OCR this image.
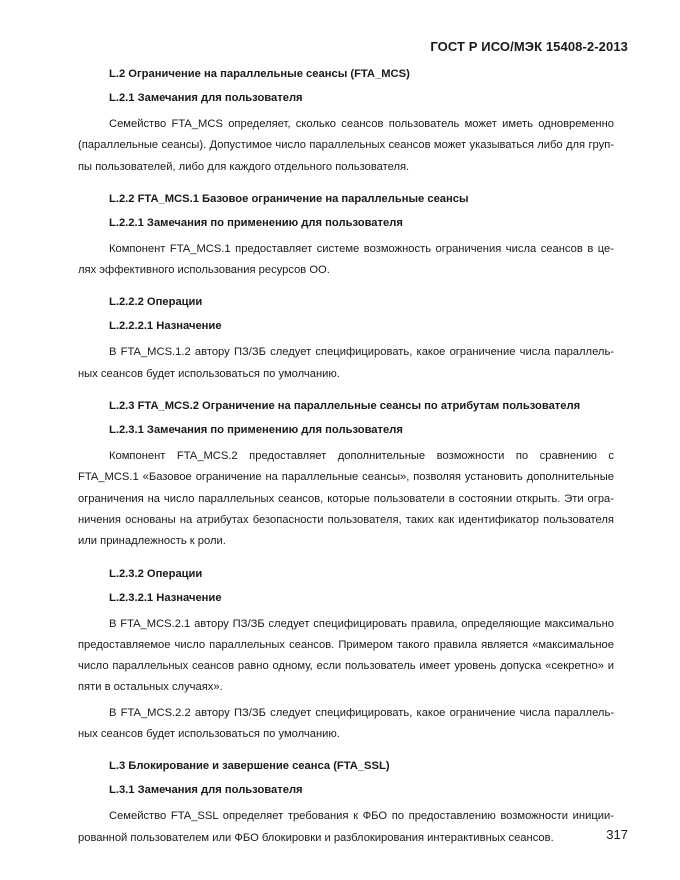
ГОСТ Р ИСО/МЭК 15408-2-2013

L.2 Ограничение на параллельные сеансы (FTA_MCS)

L.2.1 Замечания для пользователя

Семейство FTA_MCS определяет, сколько сеансов пользователь может иметь одновременно
(параллельные сеансы). Допустимое число параллельных сеансов может указываться либо для груп-
пы пользователей, либо для каждого отдельного пользователя.

L.2.2 FTA_MCS.1 Базовое ограничение на параллельные сеансы

L.2.2.1 Замечания по применению для пользователя

Компонент FTA_MCS.1 предоставляет системе возможность ограничения числа сеансов в це-
лях эффективного использования ресурсов ОО.

L.2.2.2 Операции

L.2.2.2.1 Назначение

В FTA_MCS.1.2 автору ПЗ/ЗБ следует специфицировать, какое ограничение числа параллель-
ных сеансов будет использоваться по умолчанию.

L.2.3 FTA_MCS.2 Ограничение на параллельные сеансы по атрибутам пользователя

L.2.3.1 Замечания по применению для пользователя

Компонент FTA_MCS.2 предоставляет дополнительные возможности по сравнению с
FTA_MCS.1 «Базовое ограничение на параллельные сеансы», позволяя установить дополнительные
ограничения на число параллельных сеансов, которые пользователи в состоянии открыть. Эти огра-
ничения основаны на атрибутах безопасности пользователя, таких как идентификатор пользователя
или принадлежность к роли.

L.2.3.2 Операции

L.2.3.2.1 Назначение

В FTA_MCS.2.1 автору ПЗ/ЗБ следует специфицировать правила, определяющие максимально
предоставляемое число параллельных сеансов. Примером такого правила является «максимальное
число параллельных сеансов равно одному, если пользователь имеет уровень допуска «секретно» и
пяти в остальных случаях».
В FTA_MCS.2.2 автору ПЗ/ЗБ следует специфицировать, какое ограничение числа параллель-
ных сеансов будет использоваться по умолчанию.

L.3 Блокирование и завершение сеанса (FTA_SSL)

L.3.1 Замечания для пользователя

Семейство FTA_SSL определяет требования к ФБО по предоставлению возможности иниции-
рованной пользователем или ФБО блокировки и разблокирования интерактивных сеансов.	317
